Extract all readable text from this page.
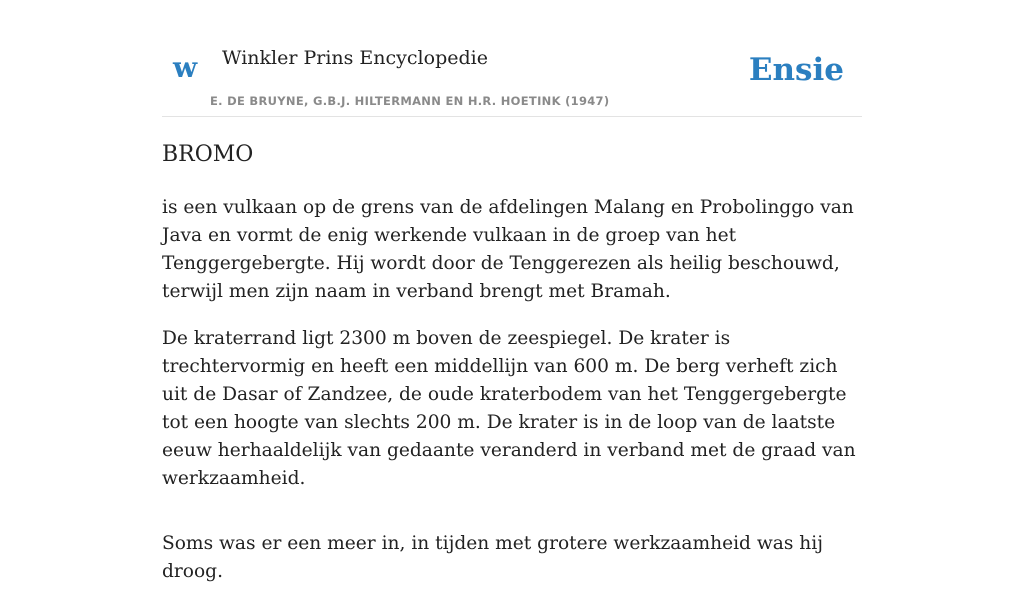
w Winkler Prins Encyclopedie
E. DE BRUYNE, G.B.J. HILTERMANN EN H.R. HOETINK (1947)
Ensie
BROMO

is een vulkaan op de grens van de afdelingen Malang en Probolinggo van Java en vormt de enig werkende vulkaan in de groep van het Tenggergebergte. Hij wordt door de Tenggerezen als heilig beschouwd, terwijl men zijn naam in verband brengt met Bramah.

De kraterrand ligt 2300 m boven de zeespiegel. De krater is trechtervormig en heeft een middellijn van 600 m. De berg verheft zich uit de Dasar of Zandzee, de oude kraterbodem van het Tenggergebergte tot een hoogte van slechts 200 m. De krater is in de loop van de laatste eeuw herhaaldelijk van gedaante veranderd in verband met de graad van werkzaamheid.

Soms was er een meer in, in tijden met grotere werkzaamheid was hij droog.
